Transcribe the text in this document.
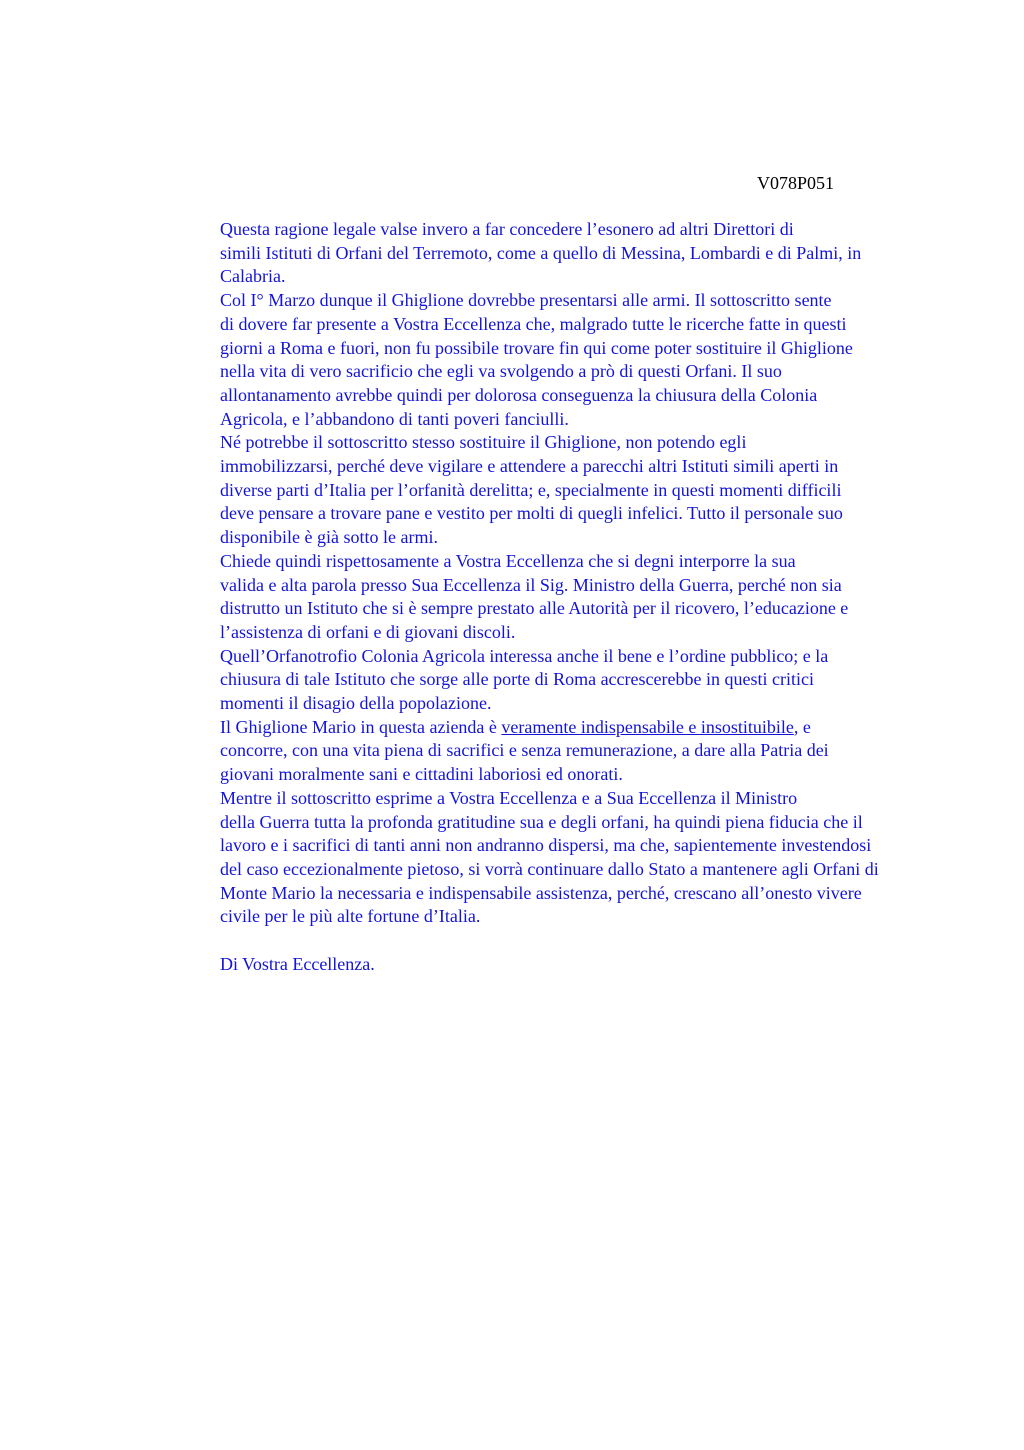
V078P051

Questa ragione legale valse invero a far concedere l’esonero ad altri Direttori di
simili Istituti di Orfani del Terremoto, come a quello di Messina, Lombardi e di Palmi, in
Calabria.

Col I° Marzo dunque il Ghiglione dovrebbe presentarsi alle armi. Il sottoscritto sente
di dovere far presente a Vostra Eccellenza che, malgrado tutte le ricerche fatte in questi
giorni a Roma e fuori, non fu possibile trovare fin qui come poter sostituire il Ghiglione
nella vita di vero sacrificio che egli va svolgendo a prò di questi Orfani. Il suo
allontanamento avrebbe quindi per dolorosa conseguenza la chiusura della Colonia
Agricola, e l’abbandono di tanti poveri fanciulli.

Né potrebbe il sottoscritto stesso sostituire il Ghiglione, non potendo egli
immobilizzarsi, perché deve vigilare e attendere a parecchi altri Istituti simili aperti in
diverse parti d’Italia per l’orfanità derelitta; e, specialmente in questi momenti difficili
deve pensare a trovare pane e vestito per molti di quegli infelici. Tutto il personale suo
disponibile è già sotto le armi.

Chiede quindi rispettosamente a Vostra Eccellenza che si degni interporre la sua
valida e alta parola presso Sua Eccellenza il Sig. Ministro della Guerra, perché non sia
distrutto un Istituto che si è sempre prestato alle Autorità per il ricovero, l’educazione e
l’assistenza di orfani e di giovani discoli.

Quell’Orfanotrofio Colonia Agricola interessa anche il bene e l’ordine pubblico; e la
chiusura di tale Istituto che sorge alle porte di Roma accrescerebbe in questi critici
momenti il disagio della popolazione.

Il Ghiglione Mario in questa azienda è veramente indispensabile e insostituibile, e
concorre, con una vita piena di sacrifici e senza remunerazione, a dare alla Patria dei
giovani moralmente sani e cittadini laboriosi ed onorati.

Mentre il sottoscritto esprime a Vostra Eccellenza e a Sua Eccellenza il Ministro
della Guerra tutta la profonda gratitudine sua e degli orfani, ha quindi piena fiducia che il
lavoro e i sacrifici di tanti anni non andranno dispersi, ma che, sapientemente investendosi
del caso eccezionalmente pietoso, si vorrà continuare dallo Stato a mantenere agli Orfani di
Monte Mario la necessaria e indispensabile assistenza, perché, crescano all’onesto vivere
civile per le più alte fortune d’Italia.

Di Vostra Eccellenza.
